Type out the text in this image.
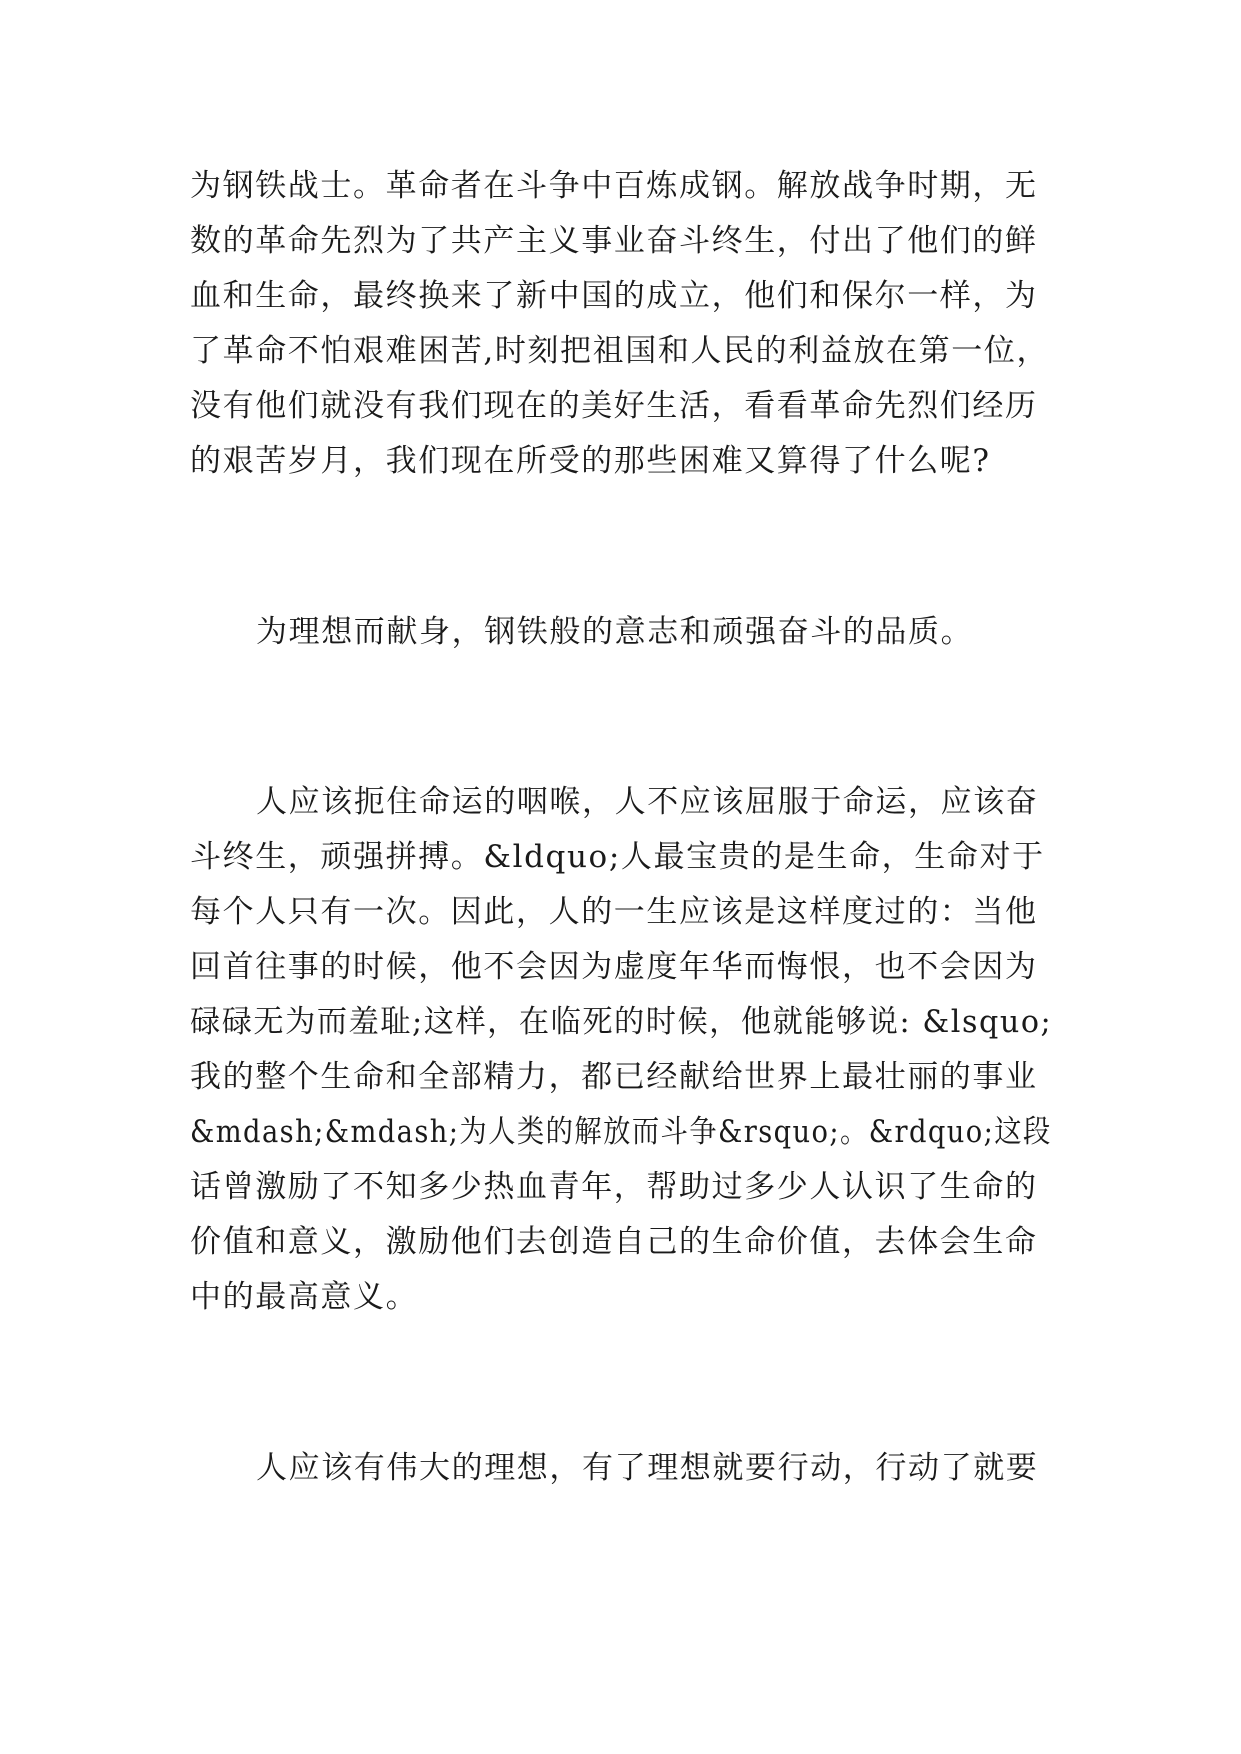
为钢铁战士。革命者在斗争中百炼成钢。解放战争时期，无
数的革命先烈为了共产主义事业奋斗终生，付出了他们的鲜
血和生命，最终换来了新中国的成立，他们和保尔一样，为
了革命不怕艰难困苦,时刻把祖国和人民的利益放在第一位，
没有他们就没有我们现在的美好生活，看看革命先烈们经历
的艰苦岁月，我们现在所受的那些困难又算得了什么呢?
为理想而献身，钢铁般的意志和顽强奋斗的品质。
人应该扼住命运的咽喉，人不应该屈服于命运，应该奋
斗终生，顽强拼搏。&ldquo;人最宝贵的是生命，生命对于
每个人只有一次。因此，人的一生应该是这样度过的：当他
回首往事的时候，他不会因为虚度年华而悔恨，也不会因为
碌碌无为而羞耻;这样，在临死的时候，他就能够说: &lsquo;
我的整个生命和全部精力，都已经献给世界上最壮丽的事业
&mdash;&mdash;为人类的解放而斗争&rsquo;。&rdquo;这段
话曾激励了不知多少热血青年，帮助过多少人认识了生命的
价值和意义，激励他们去创造自己的生命价值，去体会生命
中的最高意义。
人应该有伟大的理想，有了理想就要行动，行动了就要
